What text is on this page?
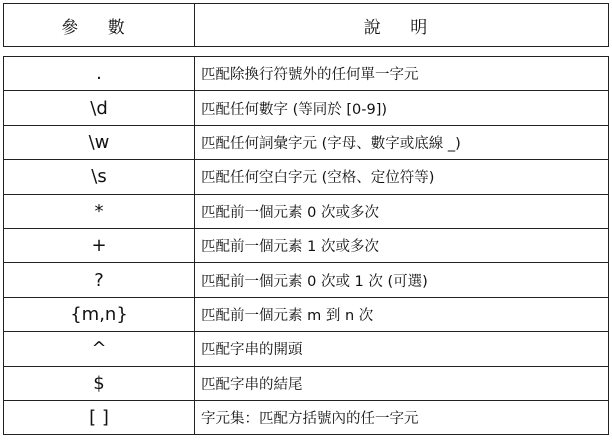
參 數	說 明
.	匹配除換行符號外的任何單一字元
\d	匹配任何數字 (等同於 [0-9])
\w	匹配任何詞彙字元 (字母、數字或底線 _)
\s	匹配任何空白字元 (空格、定位符等)
*	匹配前一個元素 0 次或多次
+	匹配前一個元素 1 次或多次
?	匹配前一個元素 0 次或 1 次 (可選)
{m,n}	匹配前一個元素 m 到 n 次
^	匹配字串的開頭
$	匹配字串的結尾
[ ]	字元集：匹配方括號內的任一字元
